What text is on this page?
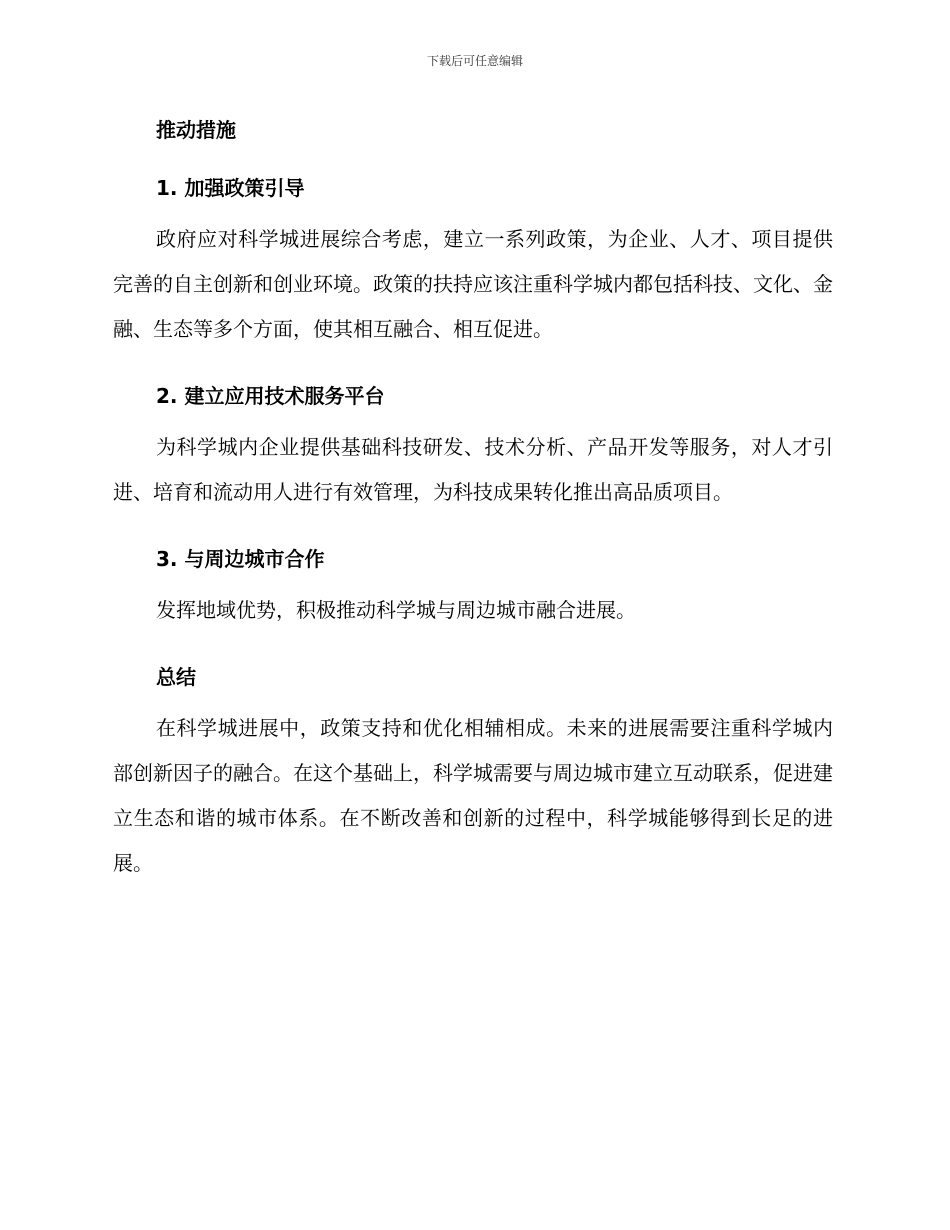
下载后可任意编辑
推动措施
1. 加强政策引导

政府应对科学城进展综合考虑，建立一系列政策，为企业、人才、项目提供完善的自主创新和创业环境。政策的扶持应该注重科学城内都包括科技、文化、金融、生态等多个方面，使其相互融合、相互促进。

2. 建立应用技术服务平台

为科学城内企业提供基础科技研发、技术分析、产品开发等服务，对人才引进、培育和流动用人进行有效管理，为科技成果转化推出高品质项目。

3. 与周边城市合作

发挥地域优势，积极推动科学城与周边城市融合进展。

总结

在科学城进展中，政策支持和优化相辅相成。未来的进展需要注重科学城内部创新因子的融合。在这个基础上，科学城需要与周边城市建立互动联系，促进建立生态和谐的城市体系。在不断改善和创新的过程中，科学城能够得到长足的进展。
